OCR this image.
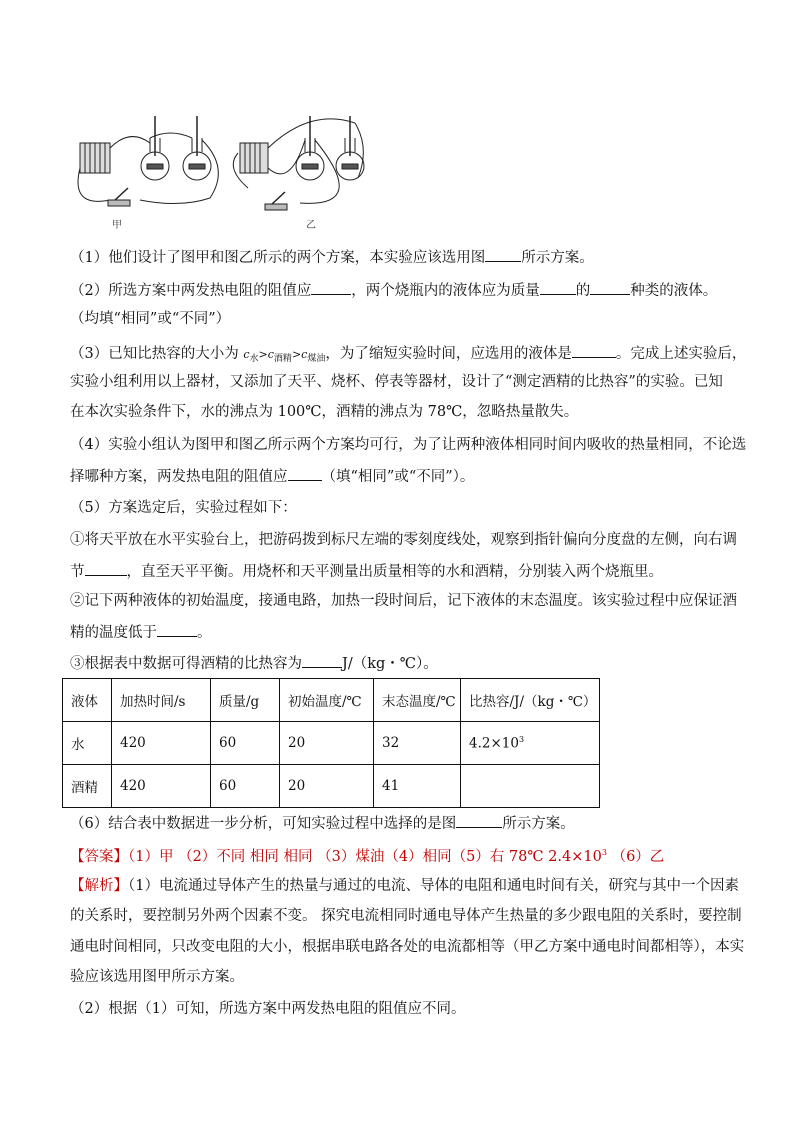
甲	乙
（1）他们设计了图甲和图乙所示的两个方案，本实验应该选用图 所示方案。
（2）所选方案中两发热电阻的阻值应	，两个烧瓶内的液体应为质量 的	种类的液体。
（均填“相同”或“不同”）
（3）已知比热容的大小为 $c_水>c_{酒精}>c_{煤油}$，为了缩短实验时间，应选用的液体是	。完成上述实验后，
实验小组利用以上器材，又添加了天平、烧杯、停表等器材，设计了“测定酒精的比热容”的实验。已知
在本次实验条件下，水的沸点为 100℃，酒精的沸点为 78℃，忽略热量散失。
（4）实验小组认为图甲和图乙所示两个方案均可行，为了让两种液体相同时间内吸收的热量相同，不论选
择哪种方案，两发热电阻的阻值应 （填“相同”或“不同”）。
（5）方案选定后，实验过程如下：
①将天平放在水平实验台上，把游码拨到标尺左端的零刻度线处，观察到指针偏向分度盘的左侧，向右调
节	，直至天平平衡。用烧杯和天平测量出质量相等的水和酒精，分别装入两个烧瓶里。
②记下两种液体的初始温度，接通电路，加热一段时间后，记下液体的末态温度。该实验过程中应保证酒
精的温度低于	。
③根据表中数据可得酒精的比热容为	J/（kg・℃）。
液体	加热时间/s	质量/g	初始温度/℃	末态温度/℃	比热容/J/（kg・℃）
水	420	60	20	32	$4.2\times 10^3$
酒精	420	60	20	41	
（6）结合表中数据进一步分析，可知实验过程中选择的是图	所示方案。
【答案】（1）甲 （2）不同 相同 相同 （3）煤油（4）相同（5）右 78℃ $2.4\times 10^3$ （6）乙
【解析】（1）电流通过导体产生的热量与通过的电流、导体的电阻和通电时间有关，研究与其中一个因素
的关系时，要控制另外两个因素不变。 探究电流相同时通电导体产生热量的多少跟电阻的关系时，要控制
通电时间相同，只改变电阻的大小，根据串联电路各处的电流都相等（甲乙方案中通电时间都相等），本实
验应该选用图甲所示方案。
（2）根据（1）可知，所选方案中两发热电阻的阻值应不同。
